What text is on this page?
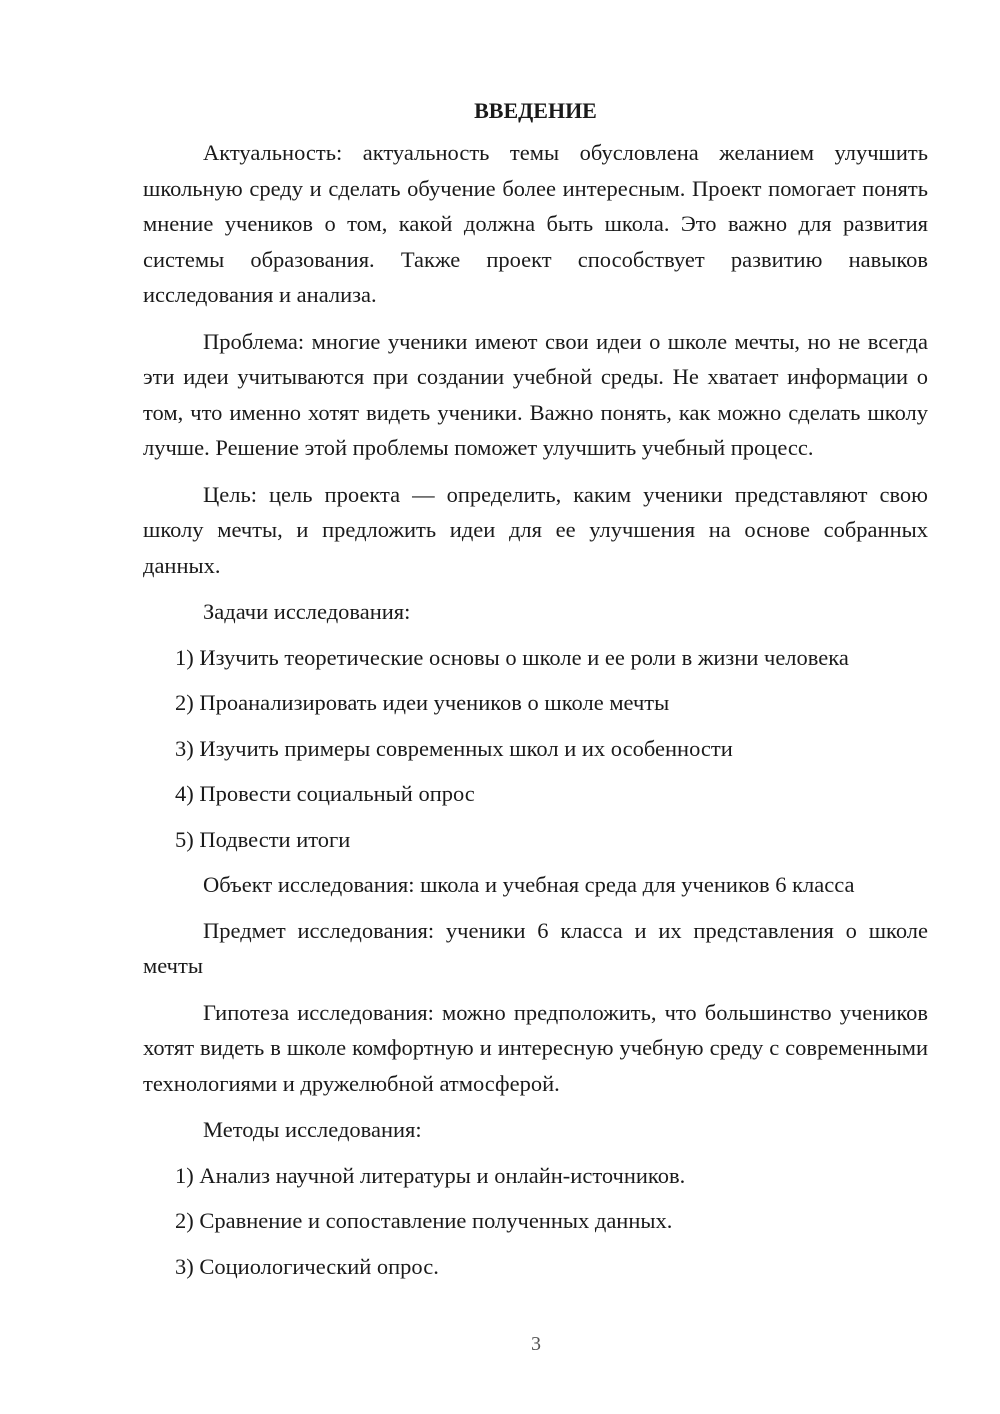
ВВЕДЕНИЕ

Актуальность: актуальность темы обусловлена желанием улучшить школьную среду и сделать обучение более интересным. Проект помогает понять мнение учеников о том, какой должна быть школа. Это важно для развития системы образования. Также проект способствует развитию навыков исследования и анализа.

Проблема: многие ученики имеют свои идеи о школе мечты, но не всегда эти идеи учитываются при создании учебной среды. Не хватает информации о том, что именно хотят видеть ученики. Важно понять, как можно сделать школу лучше. Решение этой проблемы поможет улучшить учебный процесс.

Цель: цель проекта — определить, каким ученики представляют свою школу мечты, и предложить идеи для ее улучшения на основе собранных данных.

Задачи исследования:
1) Изучить теоретические основы о школе и ее роли в жизни человека
2) Проанализировать идеи учеников о школе мечты
3) Изучить примеры современных школ и их особенности
4) Провести социальный опрос
5) Подвести итоги
Объект исследования: школа и учебная среда для учеников 6 класса

Предмет исследования: ученики 6 класса и их представления о школе мечты

Гипотеза исследования: можно предположить, что большинство учеников хотят видеть в школе комфортную и интересную учебную среду с современными технологиями и дружелюбной атмосферой.

Методы исследования:
1) Анализ научной литературы и онлайн-источников.
2) Сравнение и сопоставление полученных данных.
3) Социологический опрос.
3
